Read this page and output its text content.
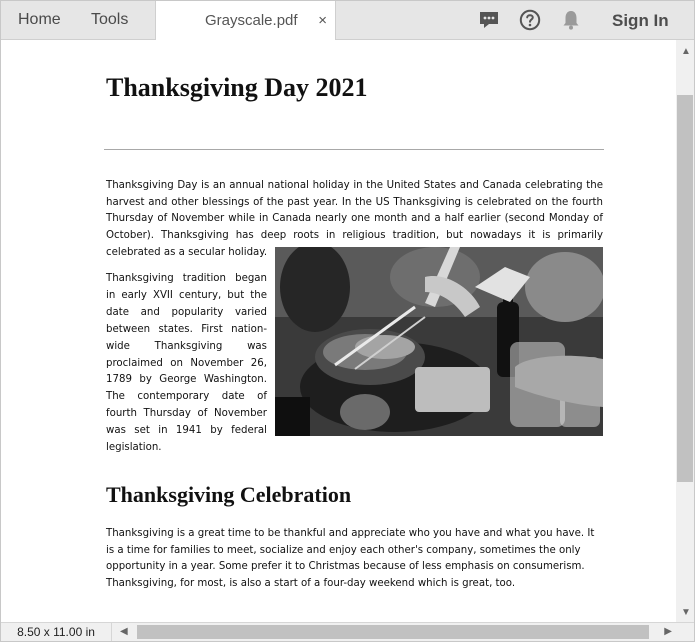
Home Tools	Grayscale.pdf ×	Sign In
Thanksgiving Day 2021

Thanksgiving Day is an annual national holiday in the United States and Canada celebrating the harvest and other blessings of the past year. In the US Thanksgiving is celebrated on the fourth Thursday of November while in Canada nearly one month and a half earlier (second Monday of October). Thanksgiving has deep roots in religious tradition, but nowadays it is primarily celebrated as a secular holiday.

Thanksgiving tradition began in early XVII century, but the date and popularity varied between states. First nation-wide Thanksgiving was proclaimed on November 26, 1789 by George Washington. The contemporary date of fourth Thursday of November was set in 1941 by federal legislation.

Thanksgiving Celebration

Thanksgiving is a great time to be thankful and appreciate who you have and what you have. It is a time for families to meet, socialize and enjoy each other's company, sometimes the only opportunity in a year. Some prefer it to Christmas because of less emphasis on consumerism. Thanksgiving, for most, is also a start of a four-day weekend which is great, too.

▲
▼
8.50 x 11.00 in	◀	▶
